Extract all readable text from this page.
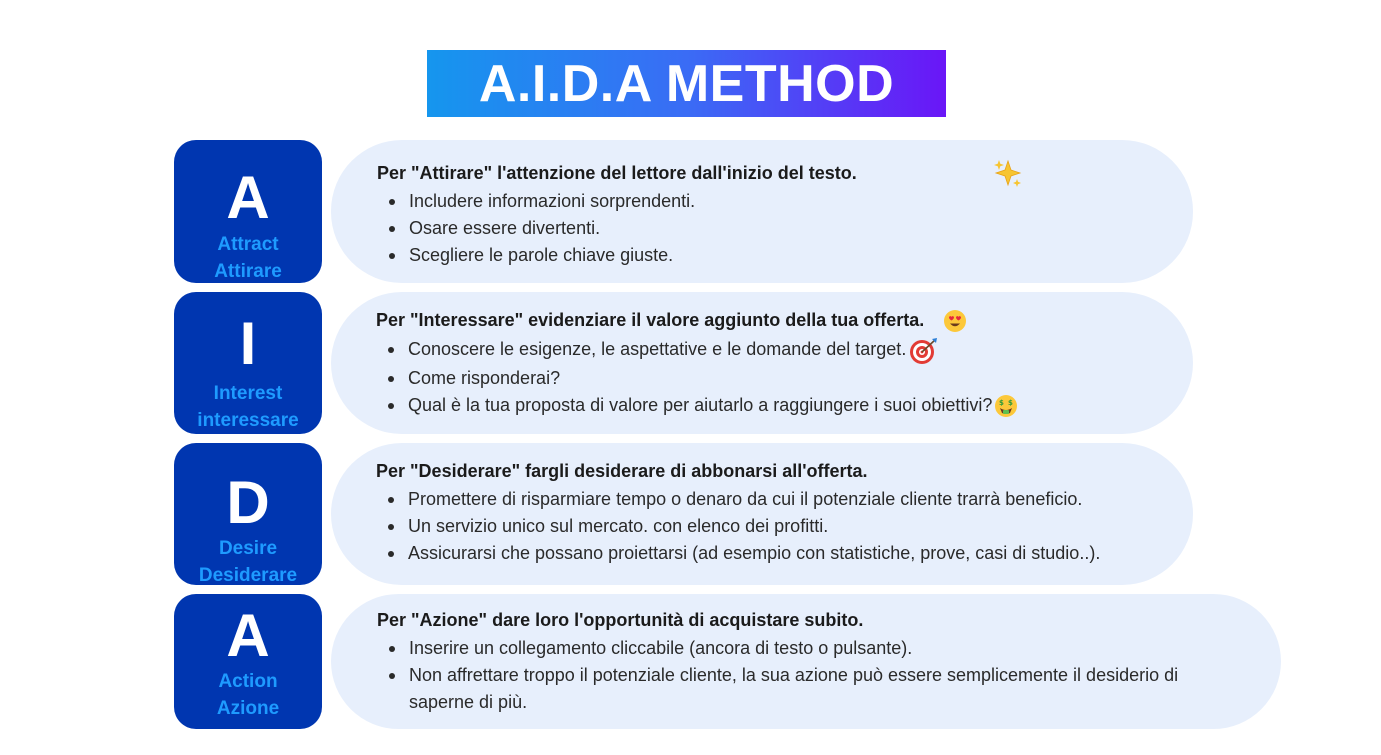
A.I.D.A METHOD
A
Attract
Attirare
Per "Attirare" l'attenzione del lettore dall'inizio del testo.
Includere informazioni sorprendenti.
Osare essere divertenti.
Scegliere le parole chiave giuste.
I
Interest
interessare
Per "Interessare" evidenziare il valore aggiunto della tua offerta.
Conoscere le esigenze, le aspettative e le domande del target.
Come risponderai?
Qual è la tua proposta di valore per aiutarlo a raggiungere i suoi obiettivi? $ $
D
Desire
Desiderare
Per "Desiderare" fargli desiderare di abbonarsi all'offerta.
Promettere di risparmiare tempo o denaro da cui il potenziale cliente trarrà beneficio.
Un servizio unico sul mercato. con elenco dei profitti.
Assicurarsi che possano proiettarsi (ad esempio con statistiche, prove, casi di studio..).
A
Action
Azione
Per "Azione" dare loro l'opportunità di acquistare subito.
Inserire un collegamento cliccabile (ancora di testo o pulsante).
Non affrettare troppo il potenziale cliente, la sua azione può essere semplicemente il desiderio di saperne di più.
